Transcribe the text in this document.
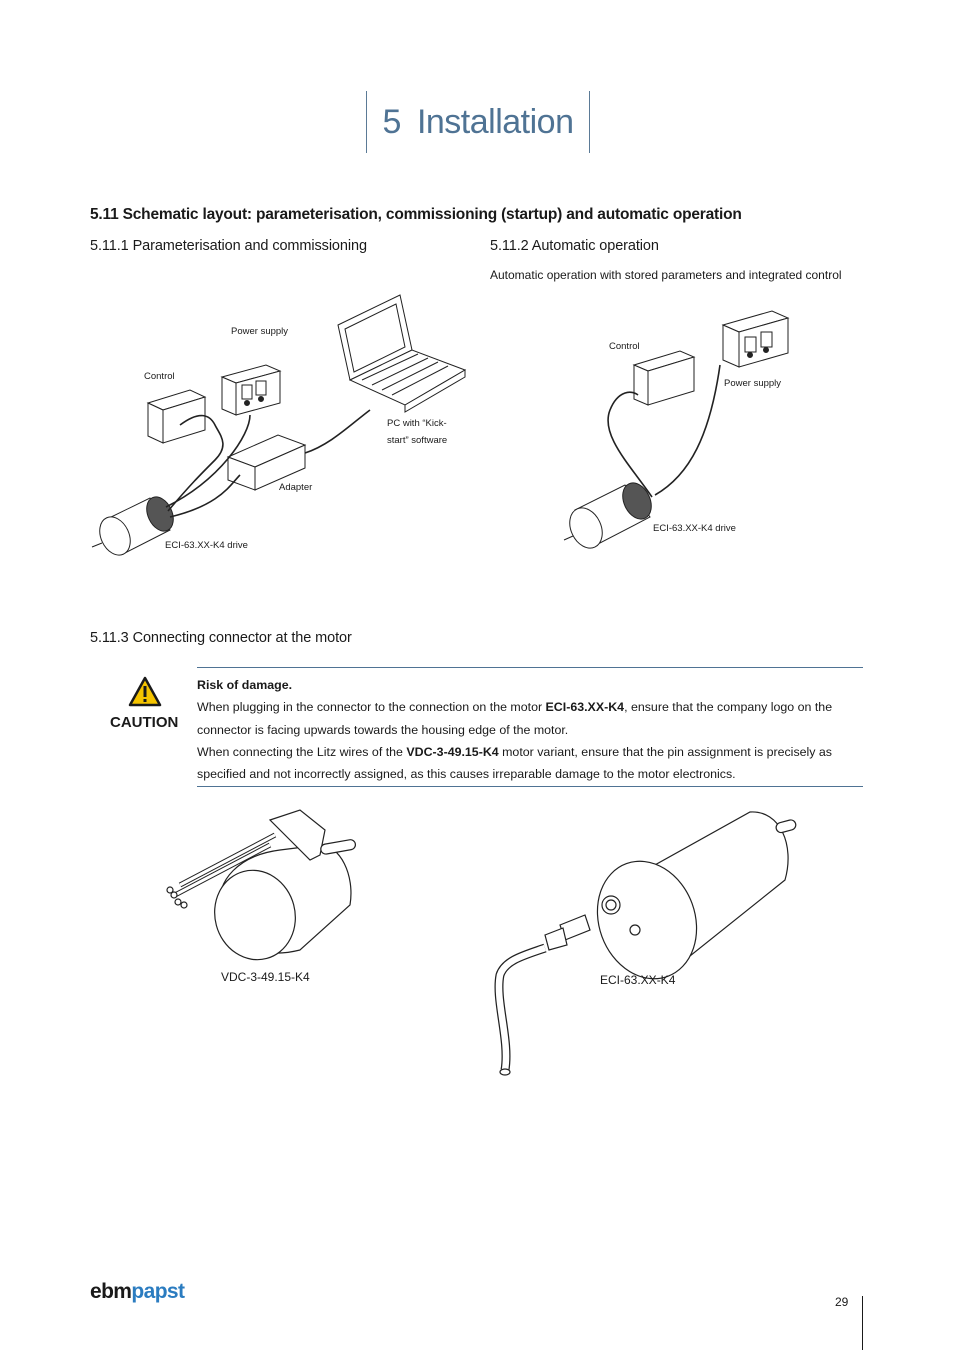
5 Installation
5.11 Schematic layout: parameterisation, commissioning (startup) and automatic operation
5.11.1 Parameterisation and commissioning	5.11.2 Automatic operation
Automatic operation with stored parameters and integrated control
Power supply
Control
PC with “Kick-
start” software
Adapter
ECI-63.XX-K4 drive
Control
Power supply
ECI-63.XX-K4 drive
5.11.3 Connecting connector at the motor
CAUTION
Risk of damage.
When plugging in the connector to the connection on the motor ECI-63.XX-K4, ensure that the company logo on the connector is facing upwards towards the housing edge of the motor.
When connecting the Litz wires of the VDC-3-49.15-K4 motor variant, ensure that the pin assignment is precisely as specified and not incorrectly assigned, as this causes irreparable damage to the motor electronics.
VDC-3-49.15-K4	ECI-63.XX-K4
ebmpapst	29
